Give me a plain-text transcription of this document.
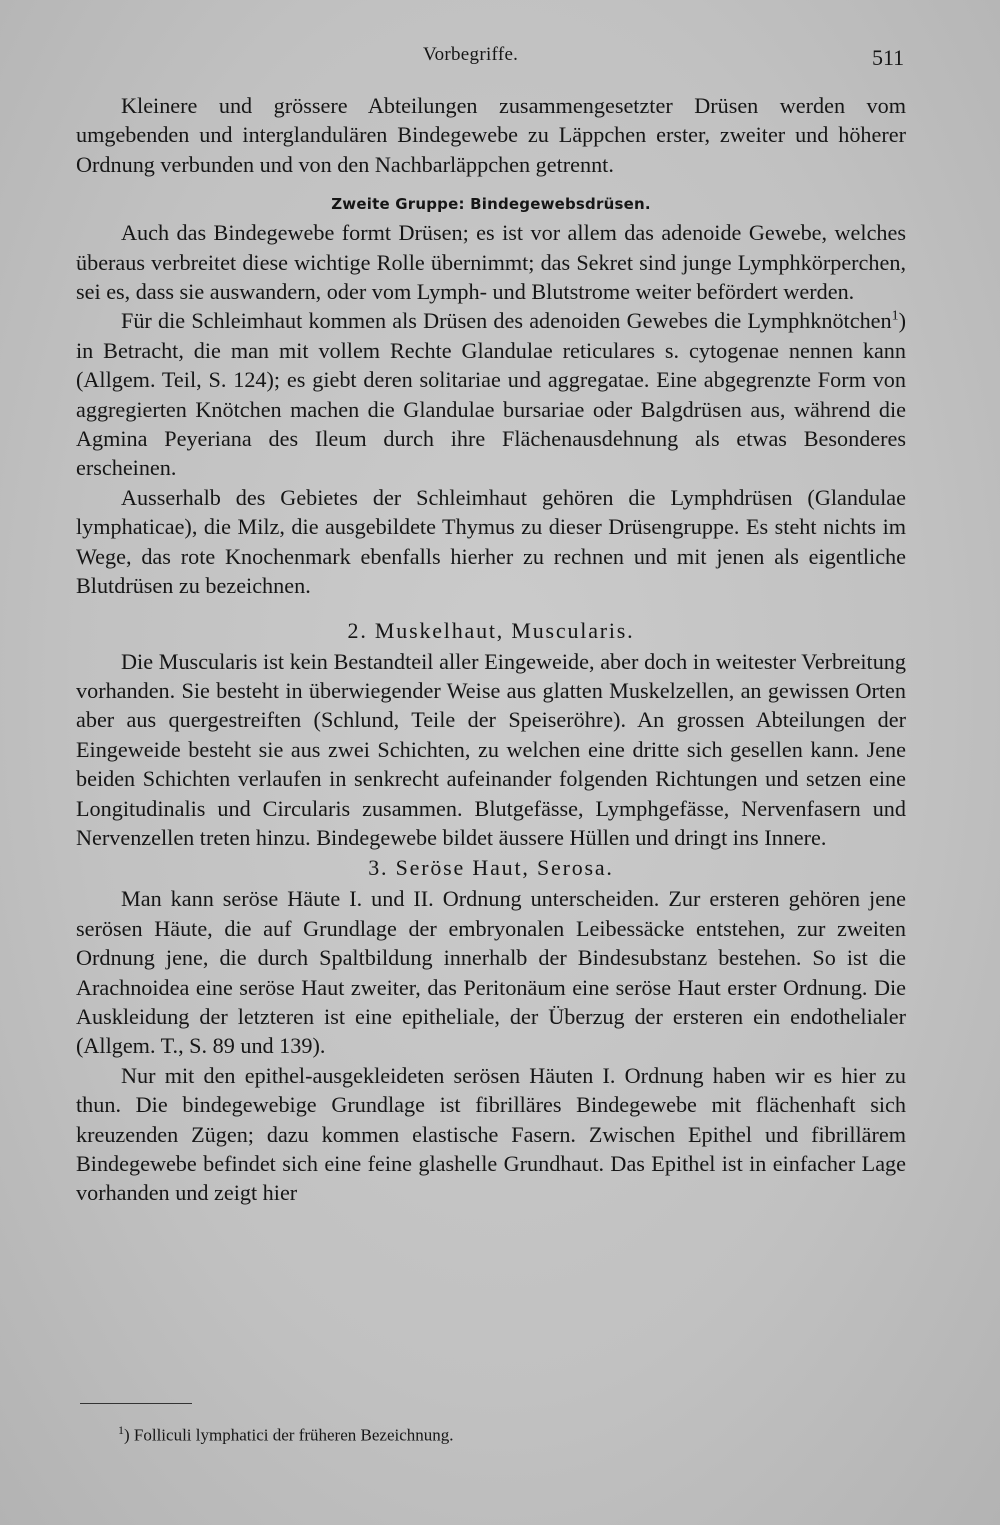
Vorbegriffe.	511

Kleinere und grössere Abteilungen zusammengesetzter Drüsen werden vom umgebenden und interglandulären Bindegewebe zu Läppchen erster, zweiter und höherer Ordnung verbunden und von den Nachbarläppchen getrennt.

Zweite Gruppe: Bindegewebsdrüsen.

Auch das Bindegewebe formt Drüsen; es ist vor allem das adenoide Gewebe, welches überaus verbreitet diese wichtige Rolle übernimmt; das Sekret sind junge Lymphkörperchen, sei es, dass sie auswandern, oder vom Lymph- und Blutstrome weiter befördert werden.

Für die Schleimhaut kommen als Drüsen des adenoiden Gewebes die Lymphknötchen$^1$) in Betracht, die man mit vollem Rechte Glandulae reticulares s. cytogenae nennen kann (Allgem. Teil, S. 124); es giebt deren solitariae und aggregatae. Eine abgegrenzte Form von aggregierten Knötchen machen die Glandulae bursariae oder Balgdrüsen aus, während die Agmina Peyeriana des Ileum durch ihre Flächenausdehnung als etwas Besonderes erscheinen.

Ausserhalb des Gebietes der Schleimhaut gehören die Lymphdrüsen (Glandulae lymphaticae), die Milz, die ausgebildete Thymus zu dieser Drüsengruppe. Es steht nichts im Wege, das rote Knochenmark ebenfalls hierher zu rechnen und mit jenen als eigentliche Blutdrüsen zu bezeichnen.

2. Muskelhaut, Muscularis.

Die Muscularis ist kein Bestandteil aller Eingeweide, aber doch in weitester Verbreitung vorhanden. Sie besteht in überwiegender Weise aus glatten Muskelzellen, an gewissen Orten aber aus quergestreiften (Schlund, Teile der Speiseröhre). An grossen Abteilungen der Eingeweide besteht sie aus zwei Schichten, zu welchen eine dritte sich gesellen kann. Jene beiden Schichten verlaufen in senkrecht aufeinander folgenden Richtungen und setzen eine Longitudinalis und Circularis zusammen. Blutgefässe, Lymphgefässe, Nervenfasern und Nervenzellen treten hinzu. Bindegewebe bildet äussere Hüllen und dringt ins Innere.

3. Seröse Haut, Serosa.

Man kann seröse Häute I. und II. Ordnung unterscheiden. Zur ersteren gehören jene serösen Häute, die auf Grundlage der embryonalen Leibessäcke entstehen, zur zweiten Ordnung jene, die durch Spaltbildung innerhalb der Bindesubstanz bestehen. So ist die Arachnoidea eine seröse Haut zweiter, das Peritonäum eine seröse Haut erster Ordnung. Die Auskleidung der letzteren ist eine epitheliale, der Überzug der ersteren ein endothelialer (Allgem. T., S. 89 und 139).

Nur mit den epithel-ausgekleideten serösen Häuten I. Ordnung haben wir es hier zu thun. Die bindegewebige Grundlage ist fibrilläres Bindegewebe mit flächenhaft sich kreuzenden Zügen; dazu kommen elastische Fasern. Zwischen Epithel und fibrillärem Bindegewebe befindet sich eine feine glashelle Grundhaut. Das Epithel ist in einfacher Lage vorhanden und zeigt hier

$^1$) Folliculi lymphatici der früheren Bezeichnung.
